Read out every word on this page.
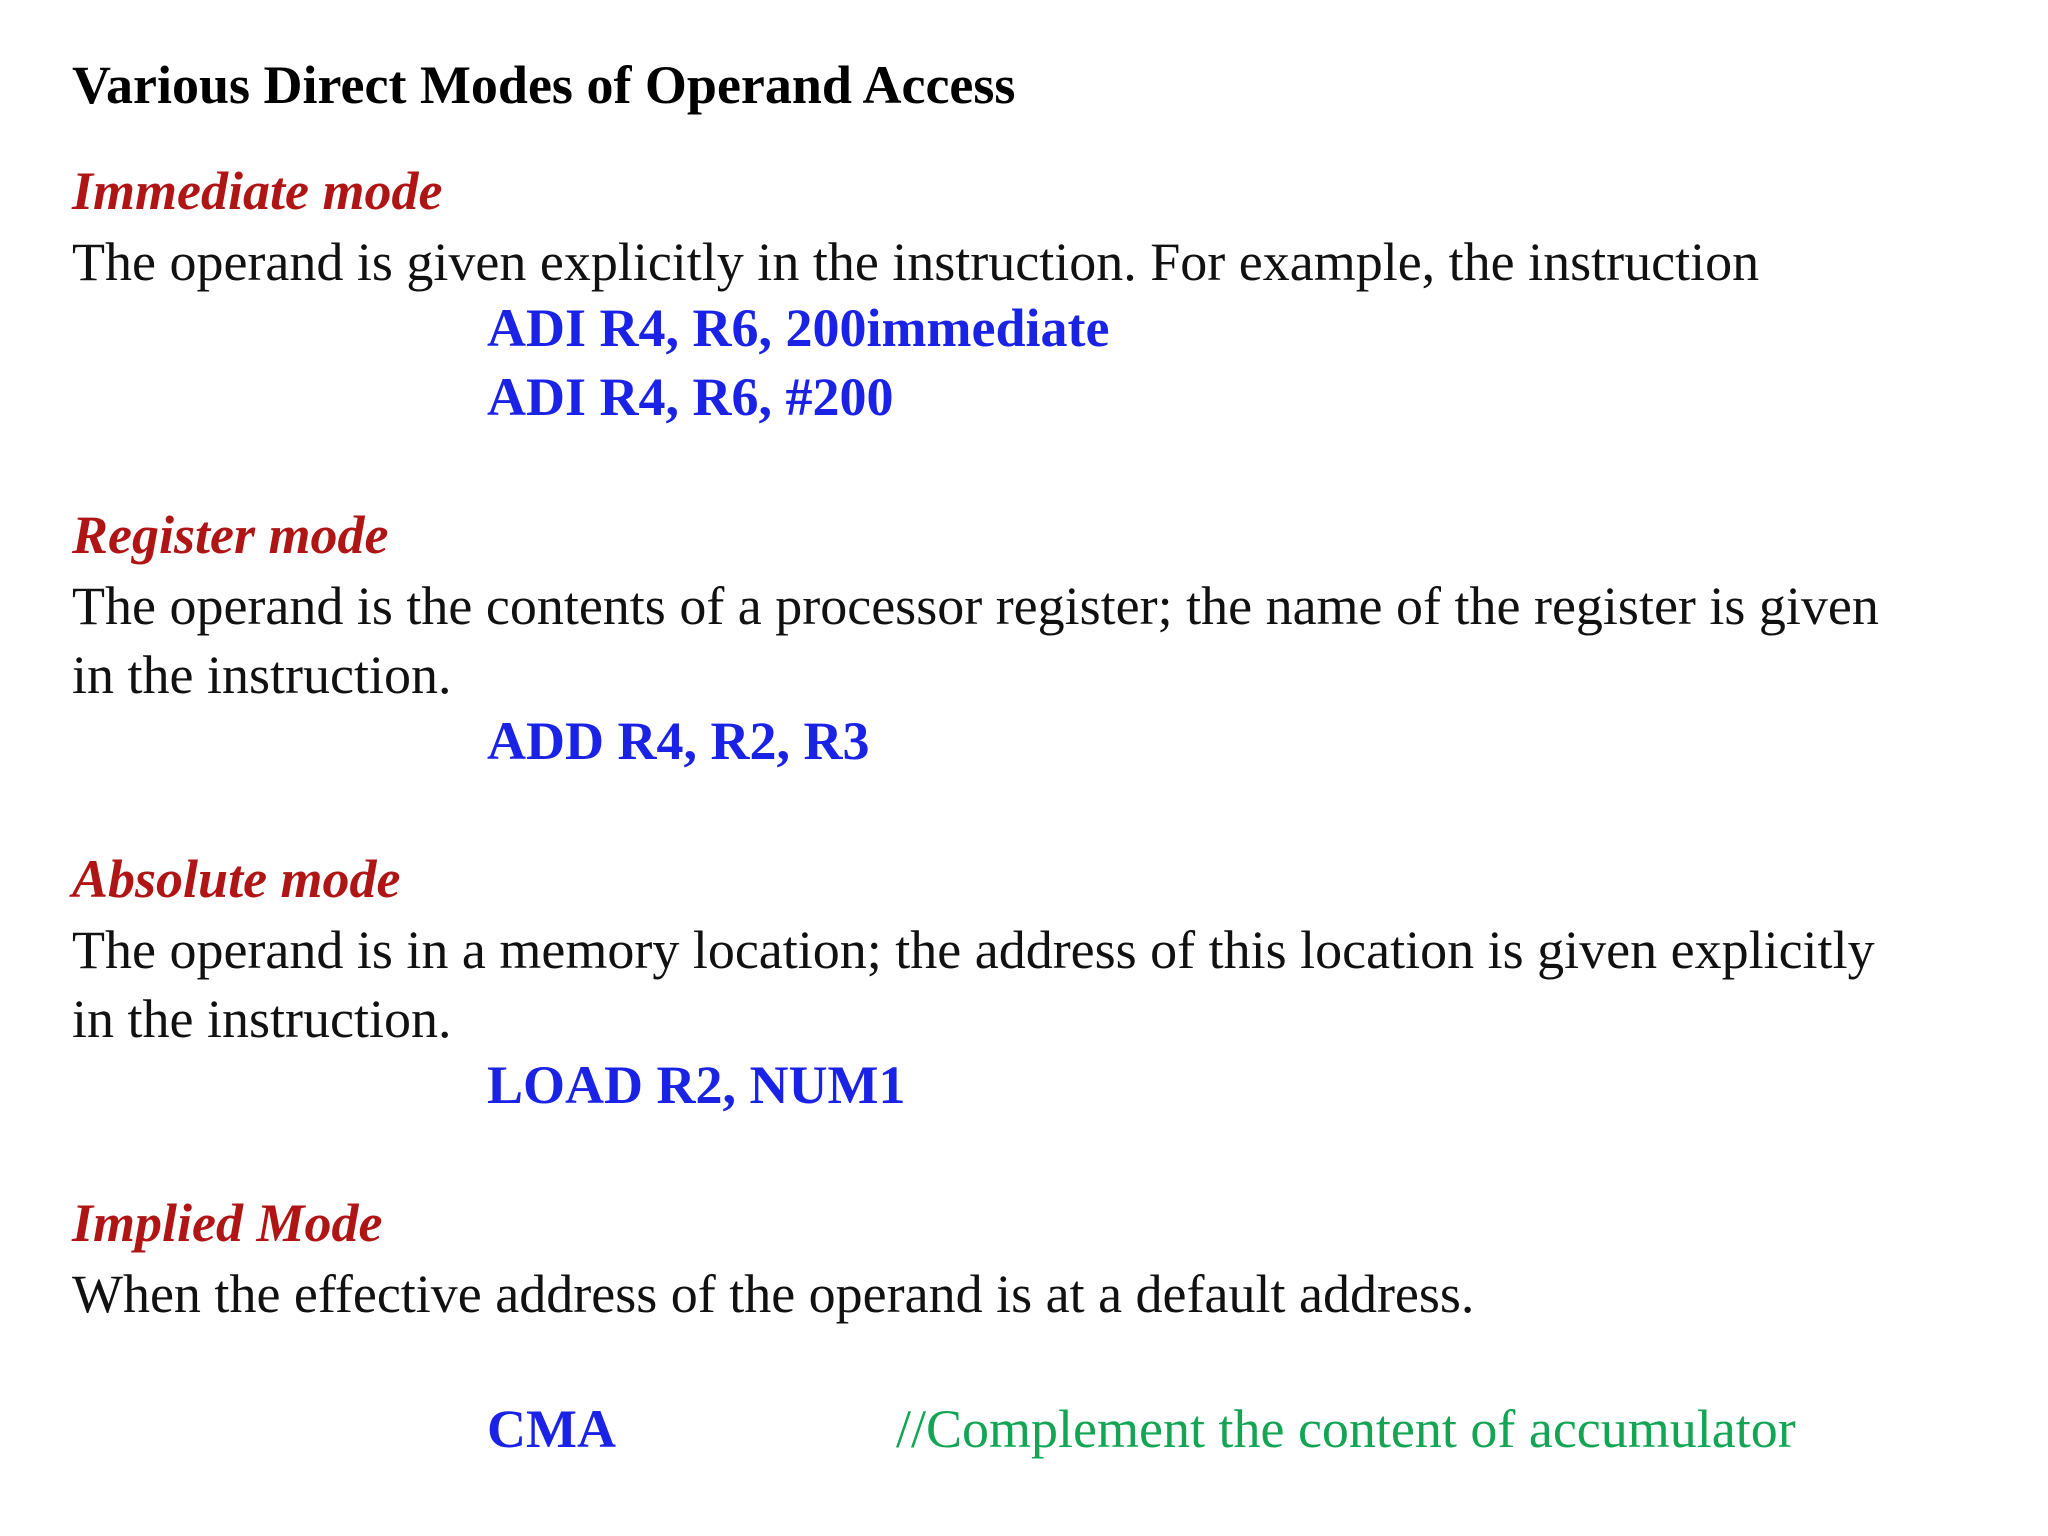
Various Direct Modes of Operand Access
Immediate mode
The operand is given explicitly in the instruction. For example, the instruction
ADI R4, R6, 200immediate
ADI R4, R6, #200
Register mode
The operand is the contents of a processor register; the name of the register is given
in the instruction.
ADD R4, R2, R3
Absolute mode
The operand is in a memory location; the address of this location is given explicitly
in the instruction.
LOAD R2, NUM1
Implied Mode
When the effective address of the operand is at a default address.
CMA	//Complement the content of accumulator
